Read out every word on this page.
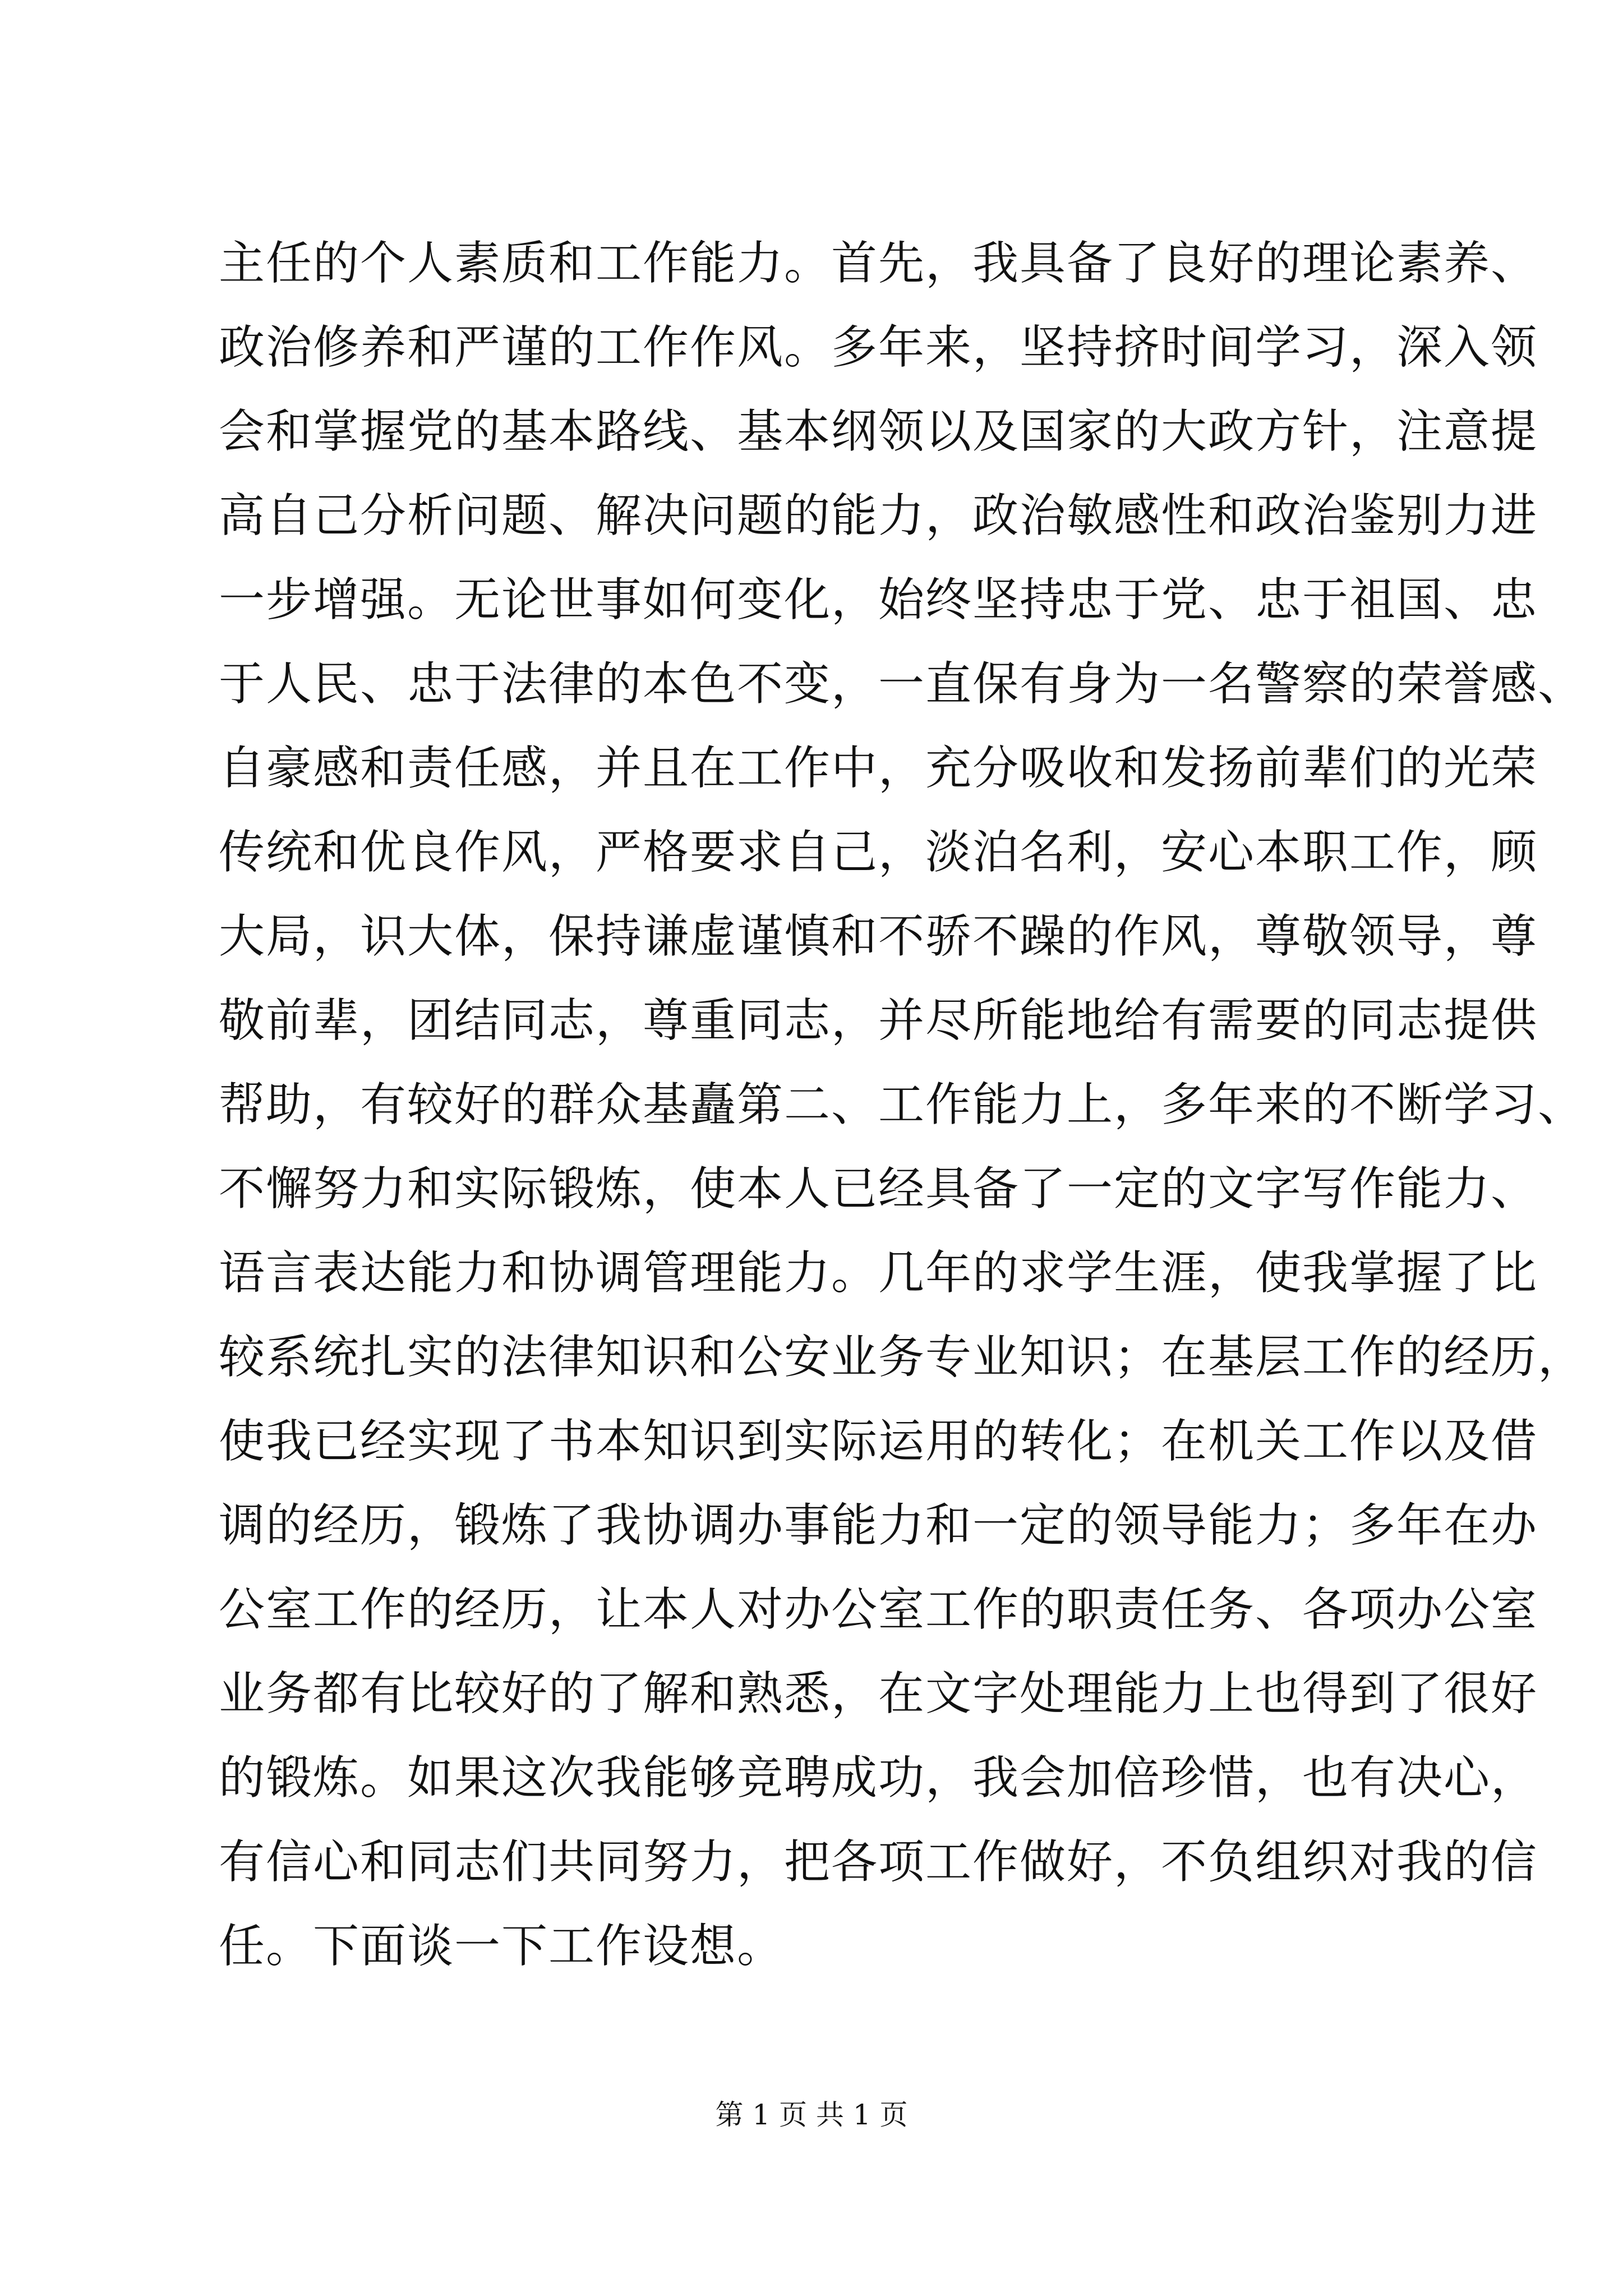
主任的个人素质和工作能力。首先，我具备了良好的理论素养、
政治修养和严谨的工作作风。多年来，坚持挤时间学习，深入领
会和掌握党的基本路线、基本纲领以及国家的大政方针，注意提
高自己分析问题、解决问题的能力，政治敏感性和政治鉴别力进
一步增强。无论世事如何变化，始终坚持忠于党、忠于祖国、忠
于人民、忠于法律的本色不变，一直保有身为一名警察的荣誉感、
自豪感和责任感，并且在工作中，充分吸收和发扬前辈们的光荣
传统和优良作风，严格要求自己，淡泊名利，安心本职工作，顾
大局，识大体，保持谦虚谨慎和不骄不躁的作风，尊敬领导，尊
敬前辈，团结同志，尊重同志，并尽所能地给有需要的同志提供
帮助，有较好的群众基矗第二、工作能力上，多年来的不断学习、
不懈努力和实际锻炼，使本人已经具备了一定的文字写作能力、
语言表达能力和协调管理能力。几年的求学生涯，使我掌握了比
较系统扎实的法律知识和公安业务专业知识；在基层工作的经历，
使我已经实现了书本知识到实际运用的转化；在机关工作以及借
调的经历，锻炼了我协调办事能力和一定的领导能力；多年在办
公室工作的经历，让本人对办公室工作的职责任务、各项办公室
业务都有比较好的了解和熟悉，在文字处理能力上也得到了很好
的锻炼。如果这次我能够竞聘成功，我会加倍珍惜，也有决心，
有信心和同志们共同努力，把各项工作做好，不负组织对我的信
任。下面谈一下工作设想。
第 1 页 共 1 页
